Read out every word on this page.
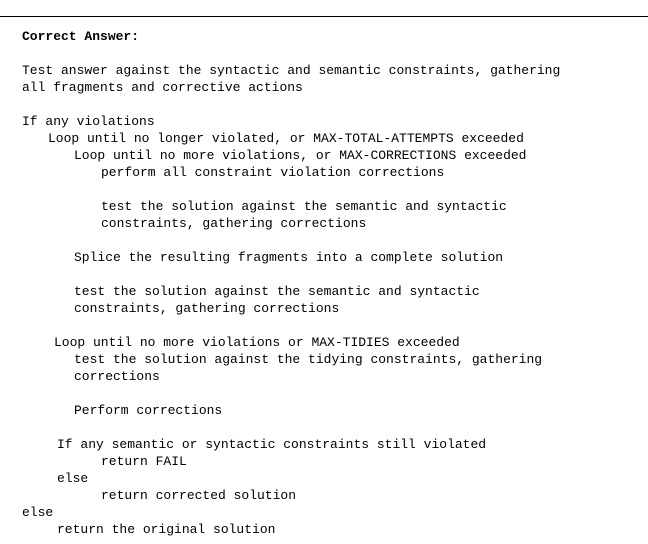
Correct Answer:
Test answer against the syntactic and semantic constraints, gathering
all fragments and corrective actions
If any violations
Loop until no longer violated, or MAX-TOTAL-ATTEMPTS exceeded
Loop until no more violations, or MAX-CORRECTIONS exceeded
perform all constraint violation corrections
test the solution against the semantic and syntactic
constraints, gathering corrections
Splice the resulting fragments into a complete solution
test the solution against the semantic and syntactic
constraints, gathering corrections
Loop until no more violations or MAX-TIDIES exceeded
test the solution against the tidying constraints, gathering
corrections
Perform corrections
If any semantic or syntactic constraints still violated
return FAIL
else
return corrected solution
else
return the original solution
